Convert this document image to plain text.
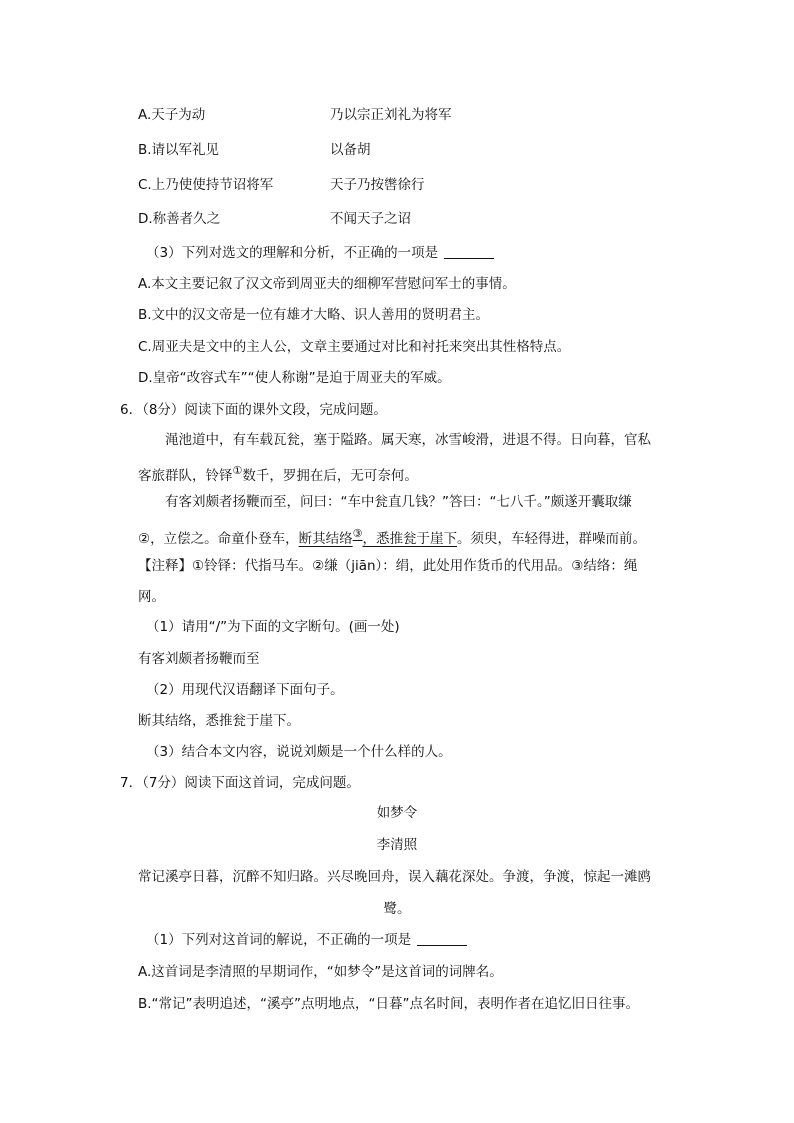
A.天子为动	乃以宗正刘礼为将军
B.请以军礼见	以备胡
C.上乃使使持节诏将军	天子乃按辔徐行
D.称善者久之	不闻天子之诏
（3）下列对选文的理解和分析，不正确的一项是
A.本文主要记叙了汉文帝到周亚夫的细柳军营慰问军士的事情。
B.文中的汉文帝是一位有雄才大略、识人善用的贤明君主。
C.周亚夫是文中的主人公，文章主要通过对比和衬托来突出其性格特点。
D.皇帝“改容式车”“使人称谢”是迫于周亚夫的军威。
6．（8分）阅读下面的课外文段，完成问题。
渑池道中，有车载瓦瓮，塞于隘路。属天寒，冰雪峻滑，进退不得。日向暮，官私
客旅群队，铃铎①数千，罗拥在后，无可奈何。
有客刘颇者扬鞭而至，问曰：“车中瓮直几钱？”答曰：“七八千。”颇遂开囊取缣
②，立偿之。命童仆登车，断其结络③，悉推瓮于崖下。须臾，车轻得进，群噪而前。
【注释】①铃铎：代指马车。②缣（jiān）：绢，此处用作货币的代用品。③结络：绳
网。
（1）请用“/”为下面的文字断句。(画一处)
有客刘颇者扬鞭而至
（2）用现代汉语翻译下面句子。
断其结络，悉推瓮于崖下。
（3）结合本文内容，说说刘颇是一个什么样的人。
7．（7分）阅读下面这首词，完成问题。
如梦令
李清照
常记溪亭日暮，沉醉不知归路。兴尽晚回舟，误入藕花深处。争渡，争渡，惊起一滩鸥
鹭。
（1）下列对这首词的解说，不正确的一项是
A.这首词是李清照的早期词作，“如梦令”是这首词的词牌名。
B.“常记”表明追述，“溪亭”点明地点，“日暮”点名时间，表明作者在追忆旧日往事。
